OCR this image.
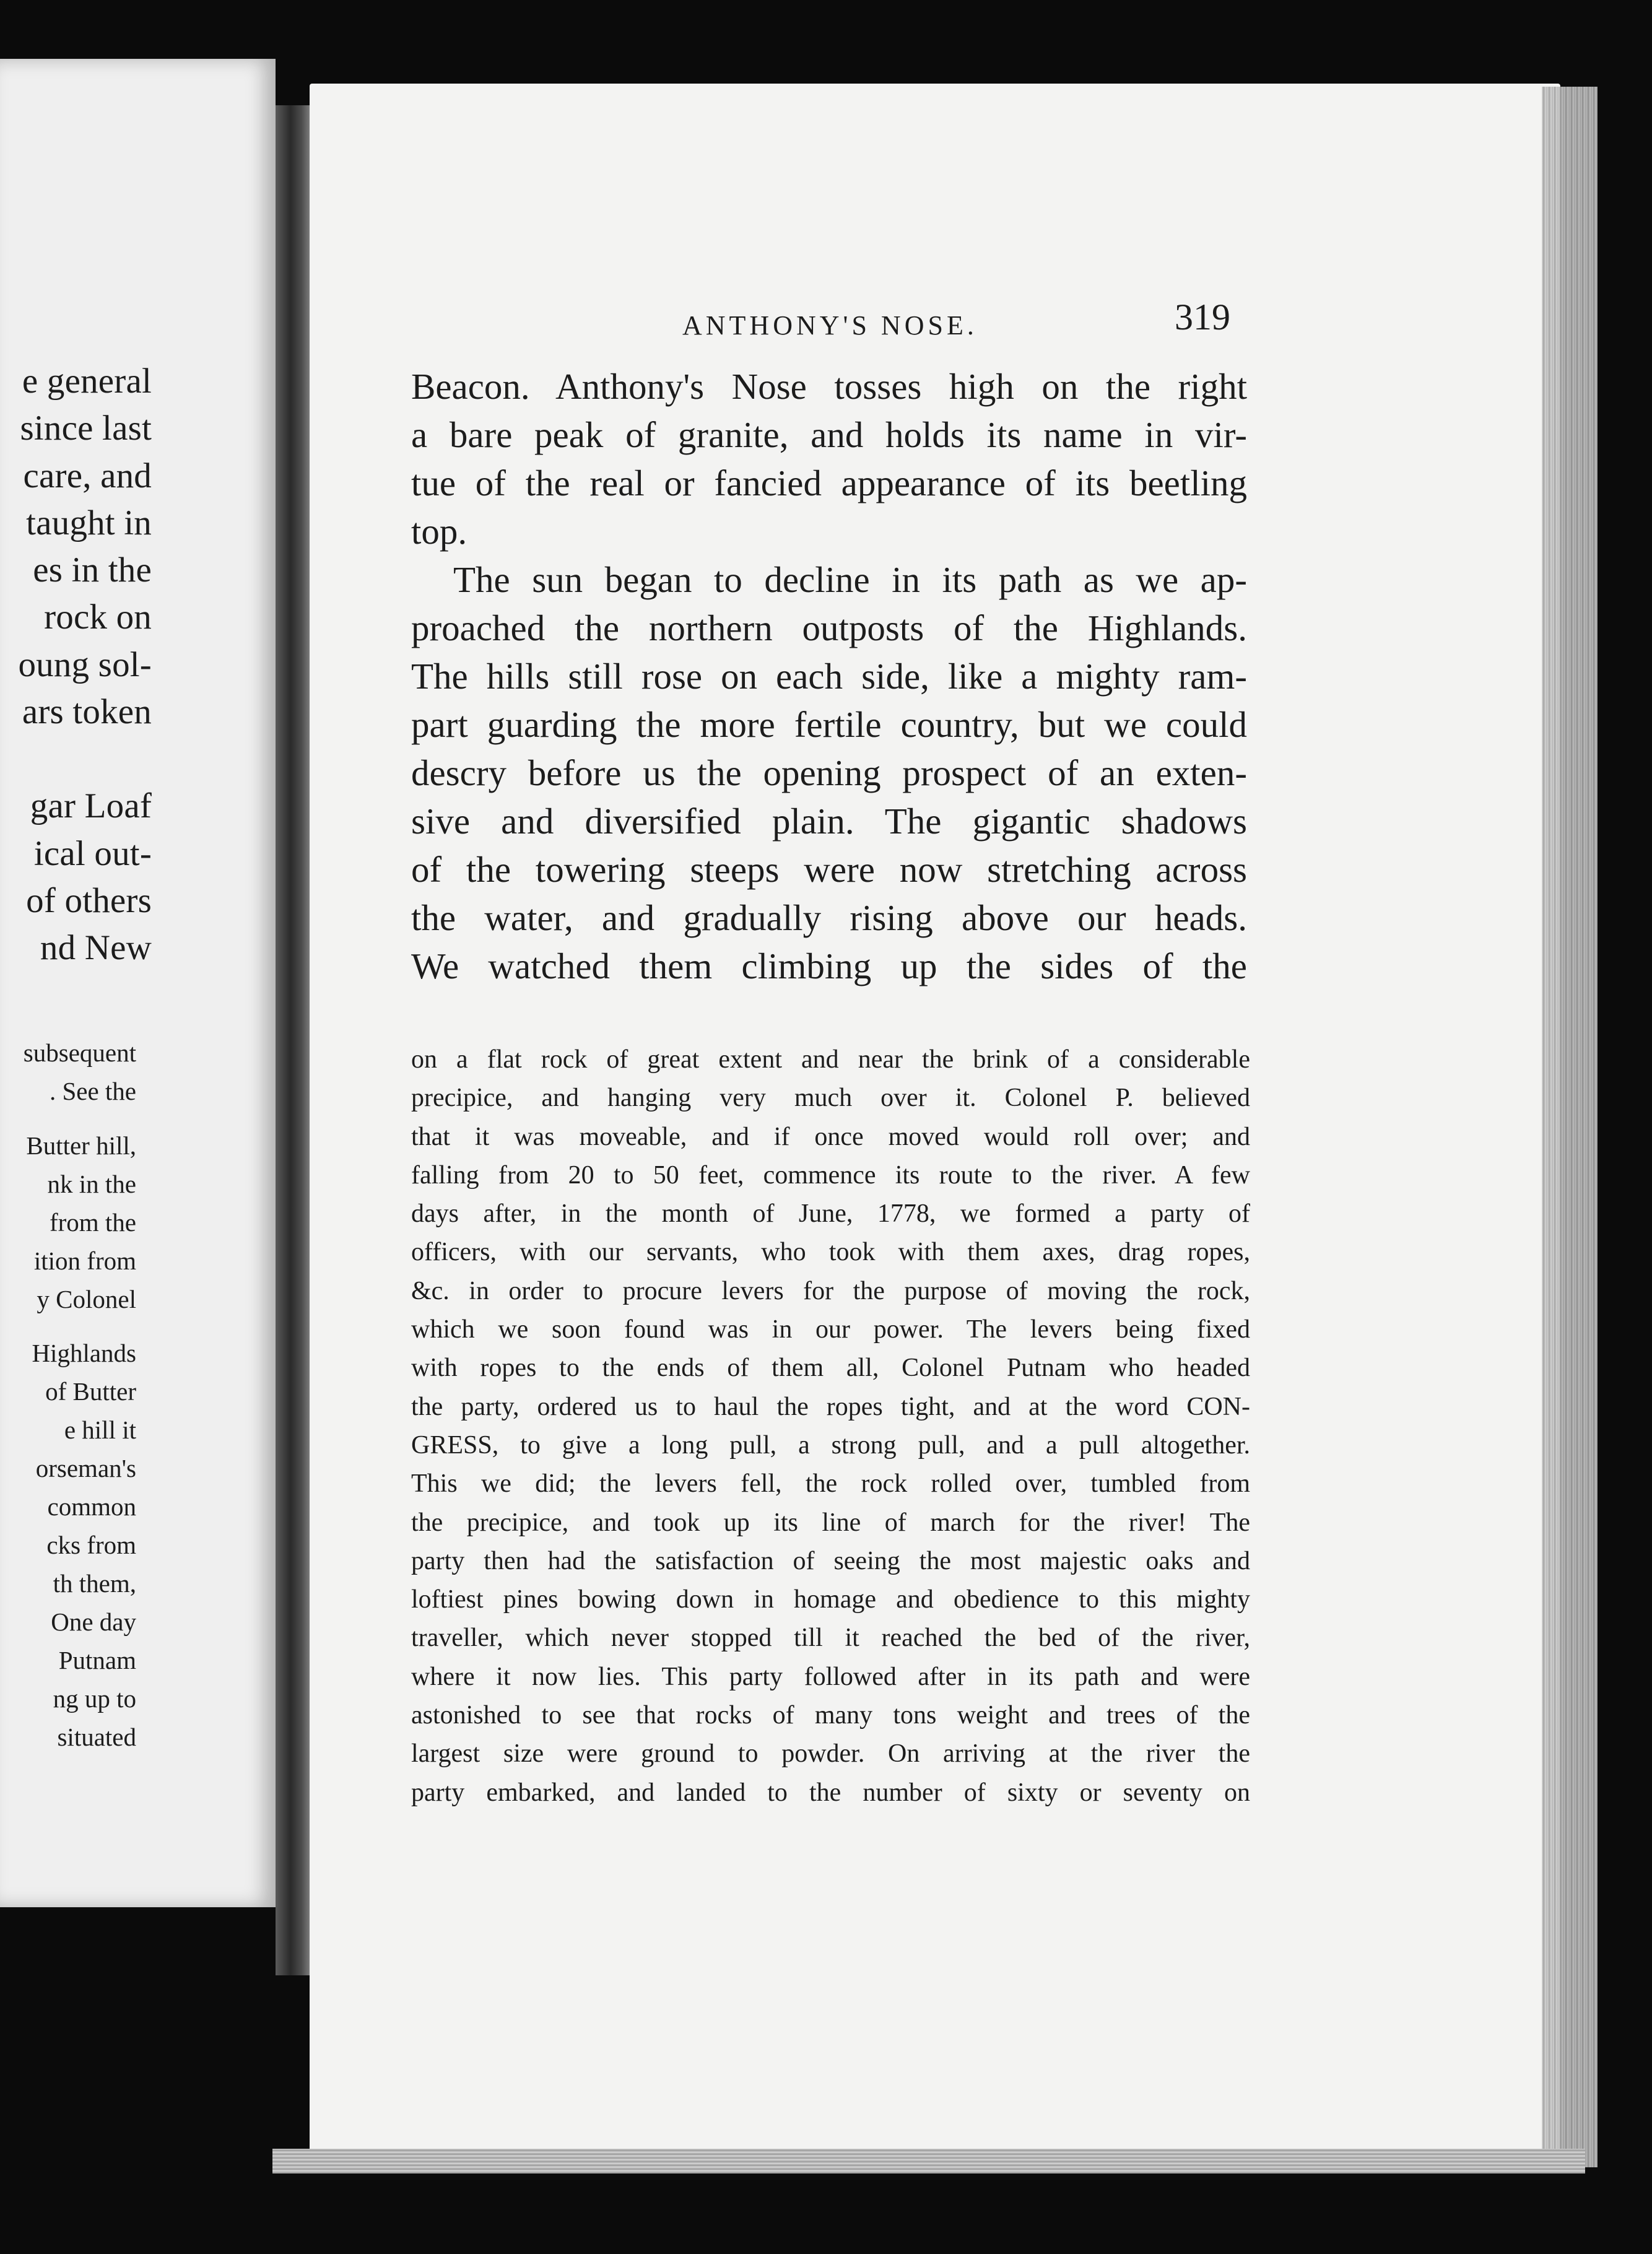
e general
since last
care, and
taught in
es in the
rock on
oung sol-
ars token
gar Loaf
ical out-
of others
nd New
subsequent
. See the
Butter hill,
nk in the
from the
ition from
y Colonel
Highlands
of Butter
e hill it
orseman's
common
cks from
th them,
One day
Putnam
ng up to
situated
ANTHONY'S NOSE.	319
Beacon. Anthony's Nose tosses high on the right
a bare peak of granite, and holds its name in vir-
tue of the real or fancied appearance of its beetling
top.
The sun began to decline in its path as we ap-
proached the northern outposts of the Highlands.
The hills still rose on each side, like a mighty ram-
part guarding the more fertile country, but we could
descry before us the opening prospect of an exten-
sive and diversified plain. The gigantic shadows
of the towering steeps were now stretching across
the water, and gradually rising above our heads.
We watched them climbing up the sides of the
on a flat rock of great extent and near the brink of a considerable
precipice, and hanging very much over it. Colonel P. believed
that it was moveable, and if once moved would roll over; and
falling from 20 to 50 feet, commence its route to the river. A few
days after, in the month of June, 1778, we formed a party of
officers, with our servants, who took with them axes, drag ropes,
&c. in order to procure levers for the purpose of moving the rock,
which we soon found was in our power. The levers being fixed
with ropes to the ends of them all, Colonel Putnam who headed
the party, ordered us to haul the ropes tight, and at the word CON-
GRESS, to give a long pull, a strong pull, and a pull altogether.
This we did; the levers fell, the rock rolled over, tumbled from
the precipice, and took up its line of march for the river! The
party then had the satisfaction of seeing the most majestic oaks and
loftiest pines bowing down in homage and obedience to this mighty
traveller, which never stopped till it reached the bed of the river,
where it now lies. This party followed after in its path and were
astonished to see that rocks of many tons weight and trees of the
largest size were ground to powder. On arriving at the river the
party embarked, and landed to the number of sixty or seventy on
